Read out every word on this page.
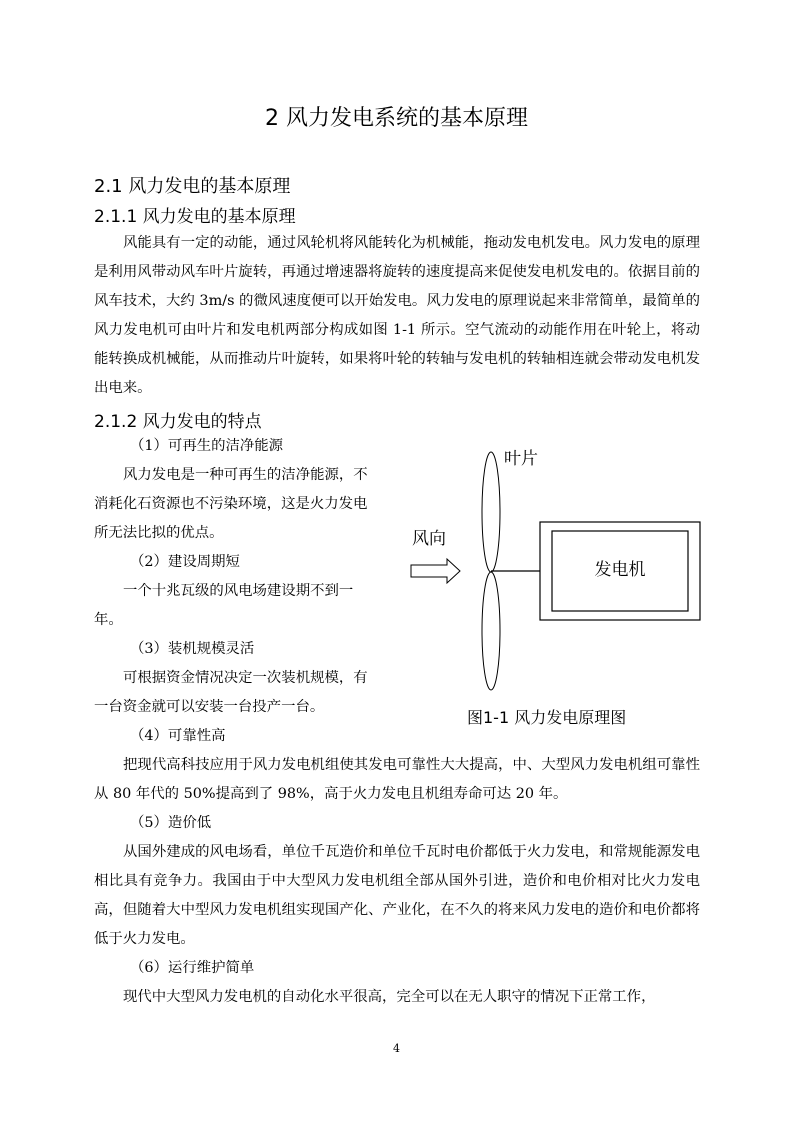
2 风力发电系统的基本原理
2.1 风力发电的基本原理
2.1.1 风力发电的基本原理
风能具有一定的动能，通过风轮机将风能转化为机械能，拖动发电机发电。风力发电的原理是利用风带动风车叶片旋转，再通过增速器将旋转的速度提高来促使发电机发电的。依据目前的风车技术，大约 3m/s 的微风速度便可以开始发电。风力发电的原理说起来非常简单，最简单的风力发电机可由叶片和发电机两部分构成如图 1-1 所示。空气流动的动能作用在叶轮上，将动能转换成机械能，从而推动片叶旋转，如果将叶轮的转轴与发电机的转轴相连就会带动发电机发出电来。
2.1.2 风力发电的特点
（1）可再生的洁净能源
风力发电是一种可再生的洁净能源，不
消耗化石资源也不污染环境，这是火力发电
所无法比拟的优点。
（2）建设周期短
一个十兆瓦级的风电场建设期不到一
年。
（3）装机规模灵活
可根据资金情况决定一次装机规模，有
一台资金就可以安装一台投产一台。
（4）可靠性高
把现代高科技应用于风力发电机组使其发电可靠性大大提高，中、大型风力发电机组可靠性从 80 年代的 50%提高到了 98%，高于火力发电且机组寿命可达 20 年。
（5）造价低
从国外建成的风电场看，单位千瓦造价和单位千瓦时电价都低于火力发电，和常规能源发电相比具有竞争力。我国由于中大型风力发电机组全部从国外引进，造价和电价相对比火力发电高，但随着大中型风力发电机组实现国产化、产业化，在不久的将来风力发电的造价和电价都将低于火力发电。
（6）运行维护简单
现代中大型风力发电机的自动化水平很高，完全可以在无人职守的情况下正常工作，
叶片
风向
发电机
图1-1 风力发电原理图
4
